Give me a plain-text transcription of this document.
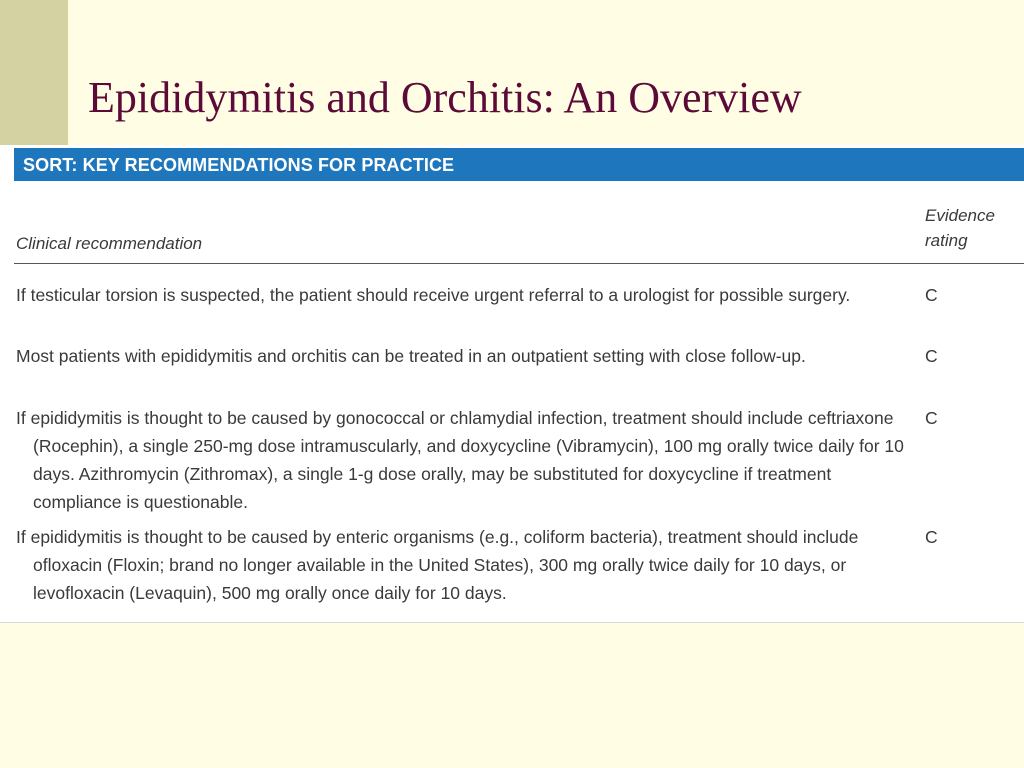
Epididymitis and Orchitis: An Overview
SORT: KEY RECOMMENDATIONS FOR PRACTICE
Clinical recommendation
Evidence rating
If testicular torsion is suspected, the patient should receive urgent referral to a urologist for possible surgery.	C
Most patients with epididymitis and orchitis can be treated in an outpatient setting with close follow-up.	C
If epididymitis is thought to be caused by gonococcal or chlamydial infection, treatment should include ceftriaxone (Rocephin), a single 250-mg dose intramuscularly, and doxycycline (Vibramycin), 100 mg orally twice daily for 10 days. Azithromycin (Zithromax), a single 1-g dose orally, may be substituted for doxycycline if treatment compliance is questionable.
C
If epididymitis is thought to be caused by enteric organisms (e.g., coliform bacteria), treatment should include ofloxacin (Floxin; brand no longer available in the United States), 300 mg orally twice daily for 10 days, or levofloxacin (Levaquin), 500 mg orally once daily for 10 days.
C
